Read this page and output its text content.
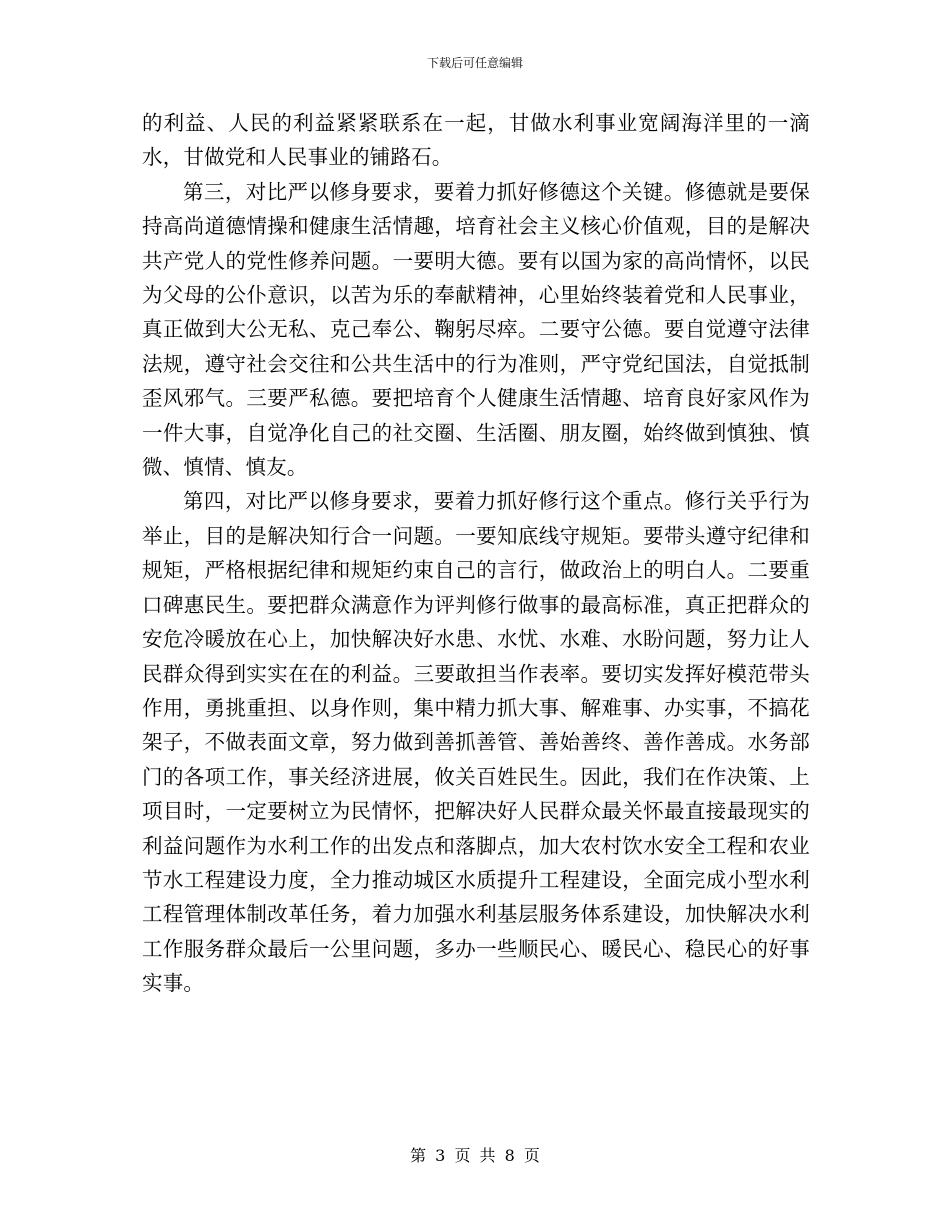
下载后可任意编辑

的利益、人民的利益紧紧联系在一起，甘做水利事业宽阔海洋里的一滴水，甘做党和人民事业的铺路石。

第三，对比严以修身要求，要着力抓好修德这个关键。修德就是要保持高尚道德情操和健康生活情趣，培育社会主义核心价值观，目的是解决共产党人的党性修养问题。一要明大德。要有以国为家的高尚情怀，以民为父母的公仆意识，以苦为乐的奉献精神，心里始终装着党和人民事业，真正做到大公无私、克己奉公、鞠躬尽瘁。二要守公德。要自觉遵守法律法规，遵守社会交往和公共生活中的行为准则，严守党纪国法，自觉抵制歪风邪气。三要严私德。要把培育个人健康生活情趣、培育良好家风作为一件大事，自觉净化自己的社交圈、生活圈、朋友圈，始终做到慎独、慎微、慎情、慎友。

第四，对比严以修身要求，要着力抓好修行这个重点。修行关乎行为举止，目的是解决知行合一问题。一要知底线守规矩。要带头遵守纪律和规矩，严格根据纪律和规矩约束自己的言行，做政治上的明白人。二要重口碑惠民生。要把群众满意作为评判修行做事的最高标准，真正把群众的安危冷暖放在心上，加快解决好水患、水忧、水难、水盼问题，努力让人民群众得到实实在在的利益。三要敢担当作表率。要切实发挥好模范带头作用，勇挑重担、以身作则，集中精力抓大事、解难事、办实事，不搞花架子，不做表面文章，努力做到善抓善管、善始善终、善作善成。水务部门的各项工作，事关经济进展，攸关百姓民生。因此，我们在作决策、上项目时，一定要树立为民情怀，把解决好人民群众最关怀最直接最现实的利益问题作为水利工作的出发点和落脚点，加大农村饮水安全工程和农业节水工程建设力度，全力推动城区水质提升工程建设，全面完成小型水利工程管理体制改革任务，着力加强水利基层服务体系建设，加快解决水利工作服务群众最后一公里问题，多办一些顺民心、暖民心、稳民心的好事实事。

第 3 页 共 8 页
